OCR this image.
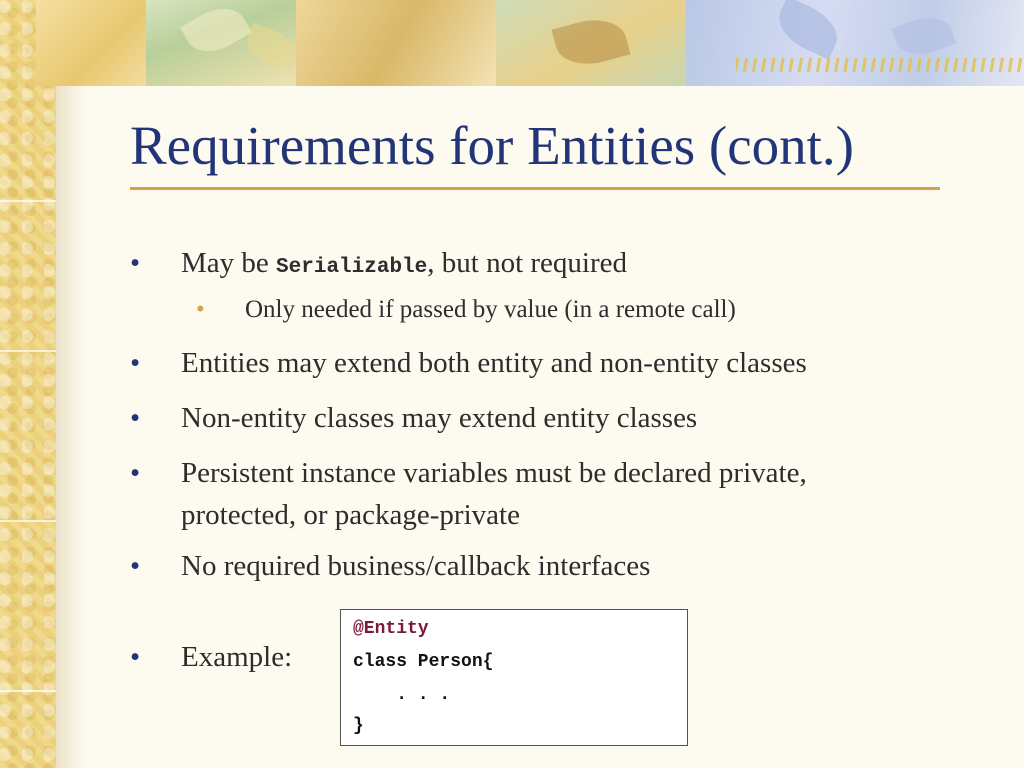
Requirements for Entities (cont.)
• May be Serializable, but not required
• Only needed if passed by value (in a remote call)
• Entities may extend both entity and non-entity classes
• Non-entity classes may extend entity classes
• Persistent instance variables must be declared private,
protected, or package-private
• No required business/callback interfaces
• Example:
@Entity
class Person{
. . .
}
